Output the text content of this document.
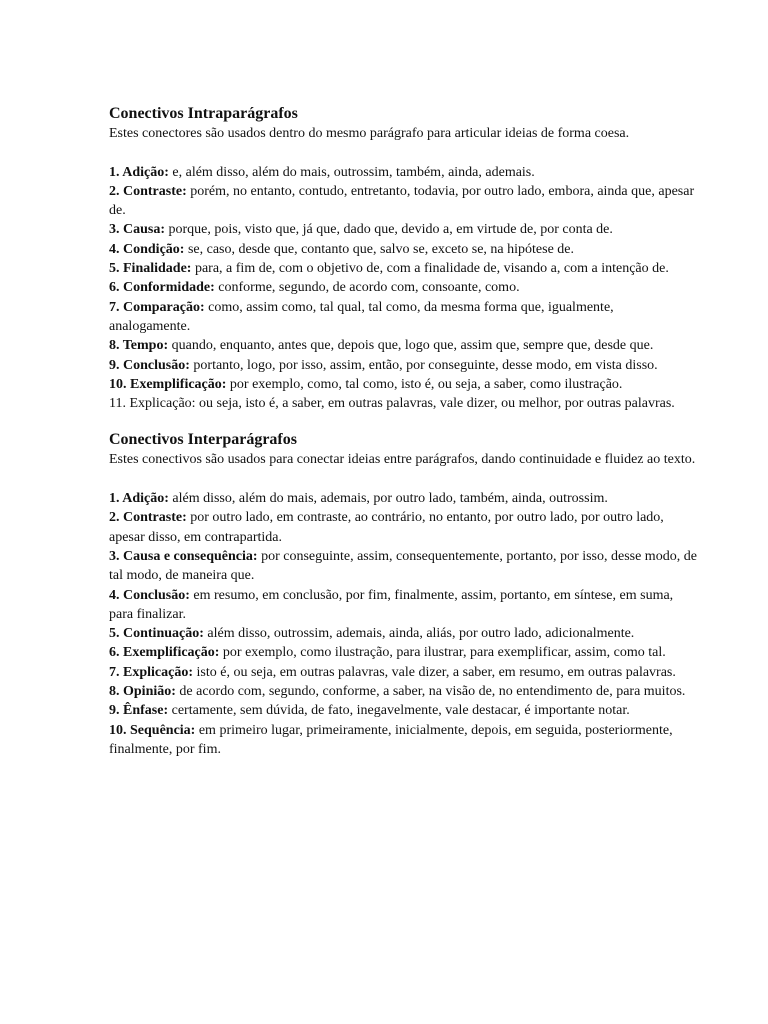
Conectivos Intraparágrafos

Estes conectores são usados dentro do mesmo parágrafo para articular ideias de forma coesa.

1. Adição: e, além disso, além do mais, outrossim, também, ainda, ademais.

2. Contraste: porém, no entanto, contudo, entretanto, todavia, por outro lado, embora, ainda que, apesar de.

3. Causa: porque, pois, visto que, já que, dado que, devido a, em virtude de, por conta de.

4. Condição: se, caso, desde que, contanto que, salvo se, exceto se, na hipótese de.

5. Finalidade: para, a fim de, com o objetivo de, com a finalidade de, visando a, com a intenção de.

6. Conformidade: conforme, segundo, de acordo com, consoante, como.

7. Comparação: como, assim como, tal qual, tal como, da mesma forma que, igualmente, analogamente.

8. Tempo: quando, enquanto, antes que, depois que, logo que, assim que, sempre que, desde que.

9. Conclusão: portanto, logo, por isso, assim, então, por conseguinte, desse modo, em vista disso.

10. Exemplificação: por exemplo, como, tal como, isto é, ou seja, a saber, como ilustração.

11. Explicação: ou seja, isto é, a saber, em outras palavras, vale dizer, ou melhor, por outras palavras.

Conectivos Interparágrafos

Estes conectivos são usados para conectar ideias entre parágrafos, dando continuidade e fluidez ao texto.

1. Adição: além disso, além do mais, ademais, por outro lado, também, ainda, outrossim.

2. Contraste: por outro lado, em contraste, ao contrário, no entanto, por outro lado, por outro lado, apesar disso, em contrapartida.

3. Causa e consequência: por conseguinte, assim, consequentemente, portanto, por isso, desse modo, de tal modo, de maneira que.

4. Conclusão: em resumo, em conclusão, por fim, finalmente, assim, portanto, em síntese, em suma, para finalizar.

5. Continuação: além disso, outrossim, ademais, ainda, aliás, por outro lado, adicionalmente.

6. Exemplificação: por exemplo, como ilustração, para ilustrar, para exemplificar, assim, como tal.

7. Explicação: isto é, ou seja, em outras palavras, vale dizer, a saber, em resumo, em outras palavras.

8. Opinião: de acordo com, segundo, conforme, a saber, na visão de, no entendimento de, para muitos.

9. Ênfase: certamente, sem dúvida, de fato, inegavelmente, vale destacar, é importante notar.

10. Sequência: em primeiro lugar, primeiramente, inicialmente, depois, em seguida, posteriormente, finalmente, por fim.
